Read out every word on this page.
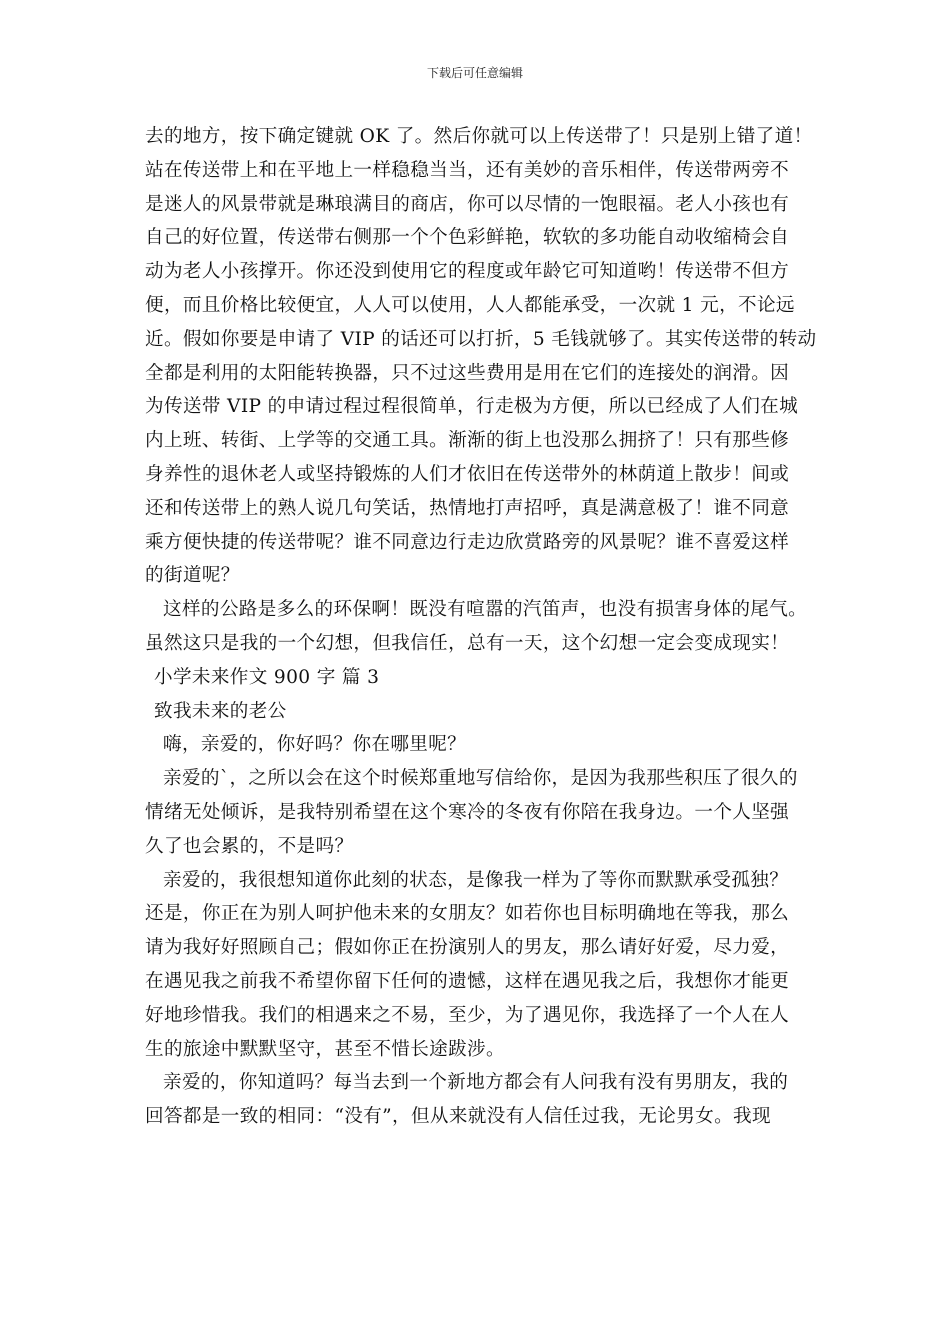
下载后可任意编辑
去的地方，按下确定键就 OK 了。然后你就可以上传送带了！只是别上错了道！
站在传送带上和在平地上一样稳稳当当，还有美妙的音乐相伴，传送带两旁不
是迷人的风景带就是琳琅满目的商店，你可以尽情的一饱眼福。老人小孩也有
自己的好位置，传送带右侧那一个个色彩鲜艳，软软的多功能自动收缩椅会自
动为老人小孩撑开。你还没到使用它的程度或年龄它可知道哟！传送带不但方
便，而且价格比较便宜，人人可以使用，人人都能承受，一次就 1 元，不论远
近。假如你要是申请了 VIP 的话还可以打折，5 毛钱就够了。其实传送带的转动
全都是利用的太阳能转换器，只不过这些费用是用在它们的连接处的润滑。因
为传送带 VIP 的申请过程过程很简单，行走极为方便，所以已经成了人们在城
内上班、转街、上学等的交通工具。渐渐的街上也没那么拥挤了！只有那些修
身养性的退休老人或坚持锻炼的人们才依旧在传送带外的林荫道上散步！间或
还和传送带上的熟人说几句笑话，热情地打声招呼，真是满意极了！谁不同意
乘方便快捷的传送带呢？谁不同意边行走边欣赏路旁的风景呢？谁不喜爱这样
的街道呢？
这样的公路是多么的环保啊！既没有喧嚣的汽笛声，也没有损害身体的尾气。
虽然这只是我的一个幻想，但我信任，总有一天，这个幻想一定会变成现实！
小学未来作文 900 字 篇 3
致我未来的老公
嗨，亲爱的，你好吗？你在哪里呢？
亲爱的`，之所以会在这个时候郑重地写信给你，是因为我那些积压了很久的
情绪无处倾诉，是我特别希望在这个寒冷的冬夜有你陪在我身边。一个人坚强
久了也会累的，不是吗？
亲爱的，我很想知道你此刻的状态，是像我一样为了等你而默默承受孤独？
还是，你正在为别人呵护他未来的女朋友？如若你也目标明确地在等我，那么
请为我好好照顾自己；假如你正在扮演别人的男友，那么请好好爱，尽力爱，
在遇见我之前我不希望你留下任何的遗憾，这样在遇见我之后，我想你才能更
好地珍惜我。我们的相遇来之不易，至少，为了遇见你，我选择了一个人在人
生的旅途中默默坚守，甚至不惜长途跋涉。
亲爱的，你知道吗？每当去到一个新地方都会有人问我有没有男朋友，我的
回答都是一致的相同：“没有”，但从来就没有人信任过我，无论男女。我现
